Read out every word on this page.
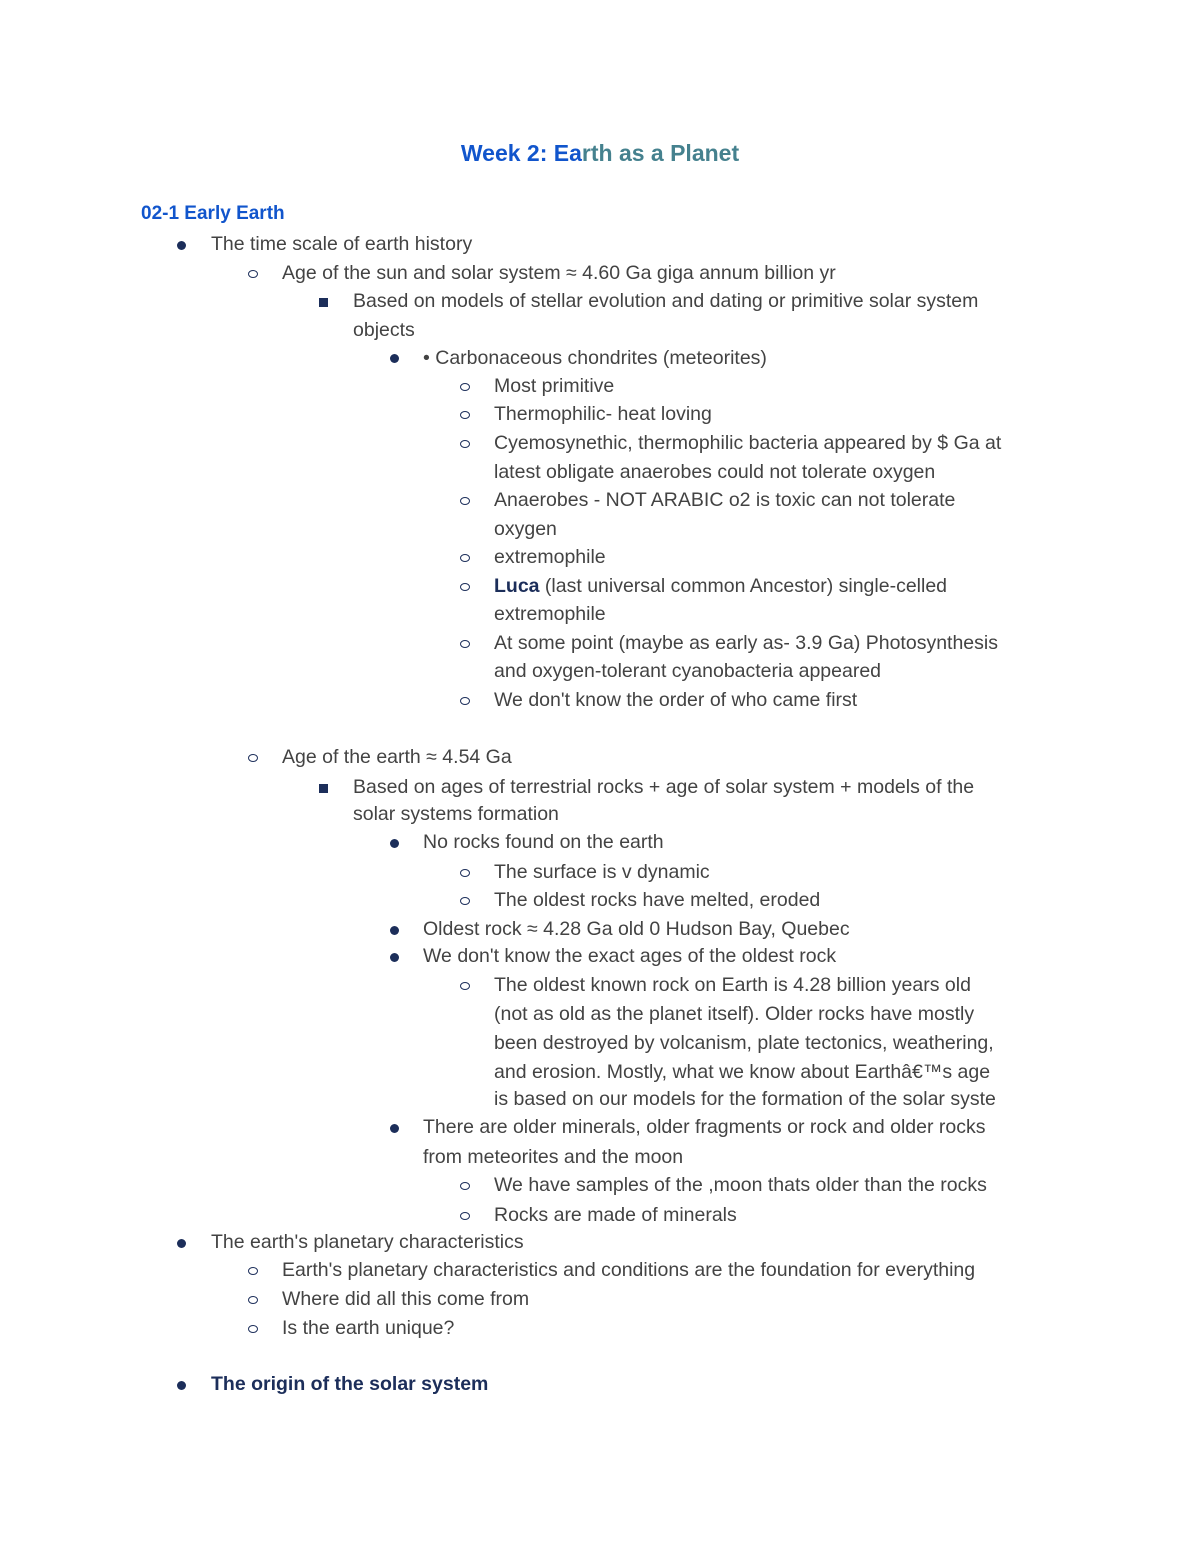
Week 2: Earth as a Planet
02-1 Early Earth
The time scale of earth history
Age of the sun and solar system ≈ 4.60 Ga giga annum billion yr
Based on models of stellar evolution and dating or primitive solar system
objects
• Carbonaceous chondrites (meteorites)
Most primitive
Thermophilic- heat loving
Cyemosynethic, thermophilic bacteria appeared by $ Ga at
latest obligate anaerobes could not tolerate oxygen
Anaerobes - NOT ARABIC o2 is toxic can not tolerate
oxygen
extremophile
Luca (last universal common Ancestor) single-celled
extremophile
At some point (maybe as early as- 3.9 Ga) Photosynthesis
and oxygen-tolerant cyanobacteria appeared
We don't know the order of who came first
Age of the earth ≈ 4.54 Ga
Based on ages of terrestrial rocks + age of solar system + models of the
solar systems formation
No rocks found on the earth
The surface is v dynamic
The oldest rocks have melted, eroded
Oldest rock ≈ 4.28 Ga old 0 Hudson Bay, Quebec
We don't know the exact ages of the oldest rock
The oldest known rock on Earth is 4.28 billion years old
(not as old as the planet itself). Older rocks have mostly
been destroyed by volcanism, plate tectonics, weathering,
and erosion. Mostly, what we know about Earthâ€™s age
is based on our models for the formation of the solar syste
There are older minerals, older fragments or rock and older rocks
from meteorites and the moon
We have samples of the ,moon thats older than the rocks
Rocks are made of minerals
The earth's planetary characteristics
Earth's planetary characteristics and conditions are the foundation for everything
Where did all this come from
Is the earth unique?
The origin of the solar system
